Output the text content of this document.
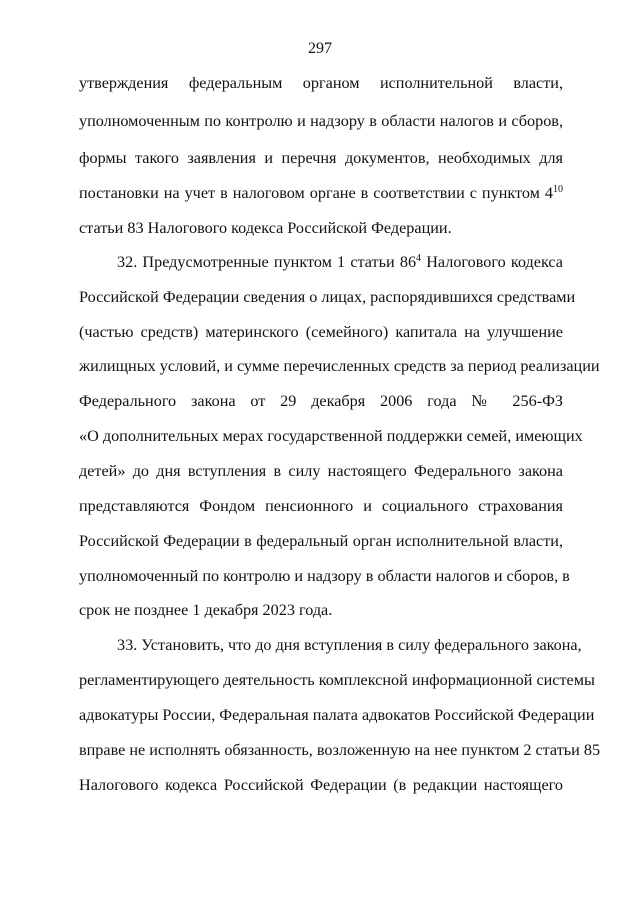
297
утверждения федеральным органом исполнительной власти,
уполномоченным по контролю и надзору в области налогов и сборов,
формы такого заявления и перечня документов, необходимых для
постановки на учет в налоговом органе в соответствии с пунктом $4^{10}$
статьи 83 Налогового кодекса Российской Федерации.
32. Предусмотренные пунктом 1 статьи $86^4$ Налогового кодекса
Российской Федерации сведения о лицах, распорядившихся средствами
(частью средств) материнского (семейного) капитала на улучшение
жилищных условий, и сумме перечисленных средств за период реализации
Федерального закона от 29 декабря 2006 года № 256-ФЗ
«О дополнительных мерах государственной поддержки семей, имеющих
детей» до дня вступления в силу настоящего Федерального закона
представляются Фондом пенсионного и социального страхования
Российской Федерации в федеральный орган исполнительной власти,
уполномоченный по контролю и надзору в области налогов и сборов, в
срок не позднее 1 декабря 2023 года.
33. Установить, что до дня вступления в силу федерального закона,
регламентирующего деятельность комплексной информационной системы
адвокатуры России, Федеральная палата адвокатов Российской Федерации
вправе не исполнять обязанность, возложенную на нее пунктом 2 статьи 85
Налогового кодекса Российской Федерации (в редакции настоящего
